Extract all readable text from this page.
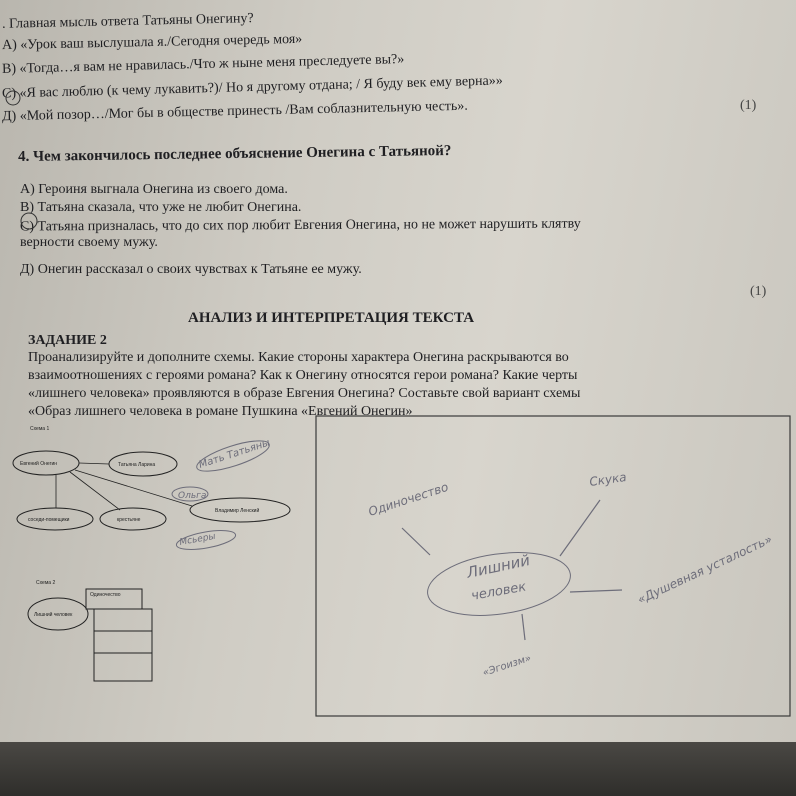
. Главная мысль ответа Татьяны Онегину?
А) «Урок ваш выслушала я./Сегодня очередь моя»
В) «Тогда…я вам не нравилась./Что ж ныне меня преследуете вы?»
С) «Я вас люблю (к чему лукавить?)/ Но я другому отдана; / Я буду век ему верна»»
Д) «Мой позор…/Мог бы в обществе принесть /Вам соблазнительную честь».	(1)
4. Чем закончилось последнее объяснение Онегина с Татьяной?
А) Героиня выгнала Онегина из своего дома.
В) Татьяна сказала, что уже не любит Онегина.
С) Татьяна призналась, что до сих пор любит Евгения Онегина, но не может нарушить клятву
верности своему мужу.
Д) Онегин рассказал о своих чувствах к Татьяне ее мужу.
(1)
АНАЛИЗ И ИНТЕРПРЕТАЦИЯ ТЕКСТА
ЗАДАНИЕ 2
Проанализируйте и дополните схемы. Какие стороны характера Онегина раскрываются во
взаимоотношениях с героями романа? Как к Онегину относятся герои романа? Какие черты
«лишнего человека» проявляются в образе Евгения Онегина? Составьте свой вариант схемы
«Образ лишнего человека в романе Пушкина «Евгений Онегин»
Схема 1
Евгений Онегин	Татьяна Ларина
Владимир Ленский
соседи-помещики	крестьяне
Мать Татьяны
Ольга
Мсьеры
Схема 2
Лишний человек
Одиночество
Лишний
человек
Одиночество
Скука
«Душевная усталость»
«Эгоизм»
